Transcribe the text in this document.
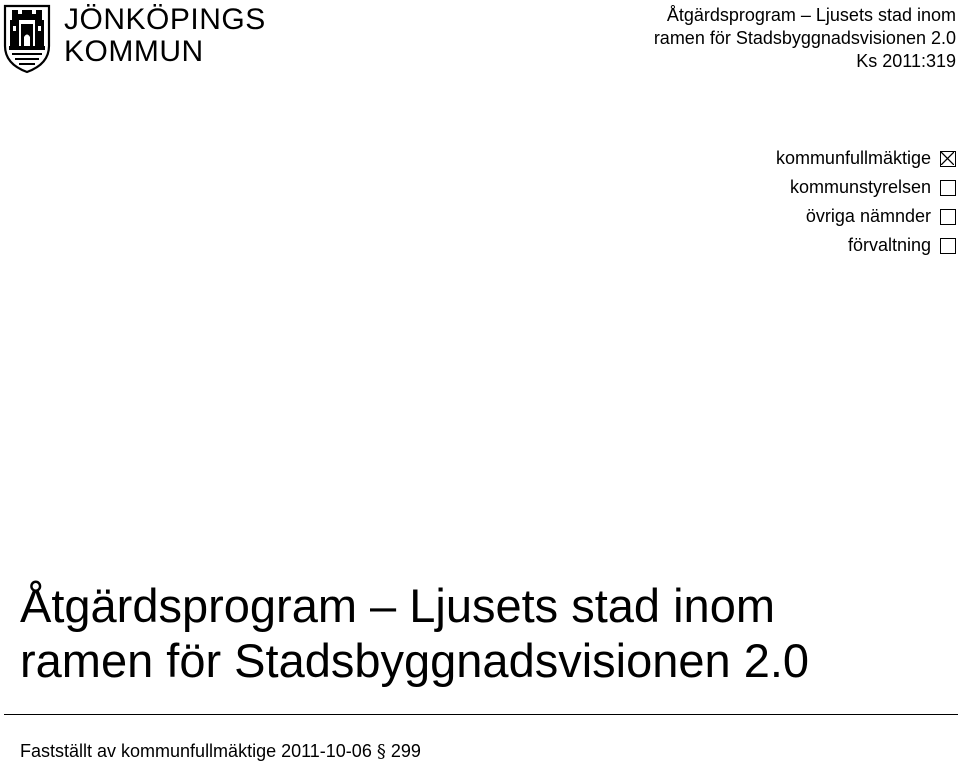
JÖNKÖPINGS
KOMMUN
Åtgärdsprogram – Ljusets stad inom
ramen för Stadsbyggnadsvisionen 2.0
Ks 2011:319
kommunfullmäktige
kommunstyrelsen
övriga nämnder
förvaltning
Åtgärdsprogram – Ljusets stad inom
ramen för Stadsbyggnadsvisionen 2.0
Fastställt av kommunfullmäktige 2011-10-06 § 299
